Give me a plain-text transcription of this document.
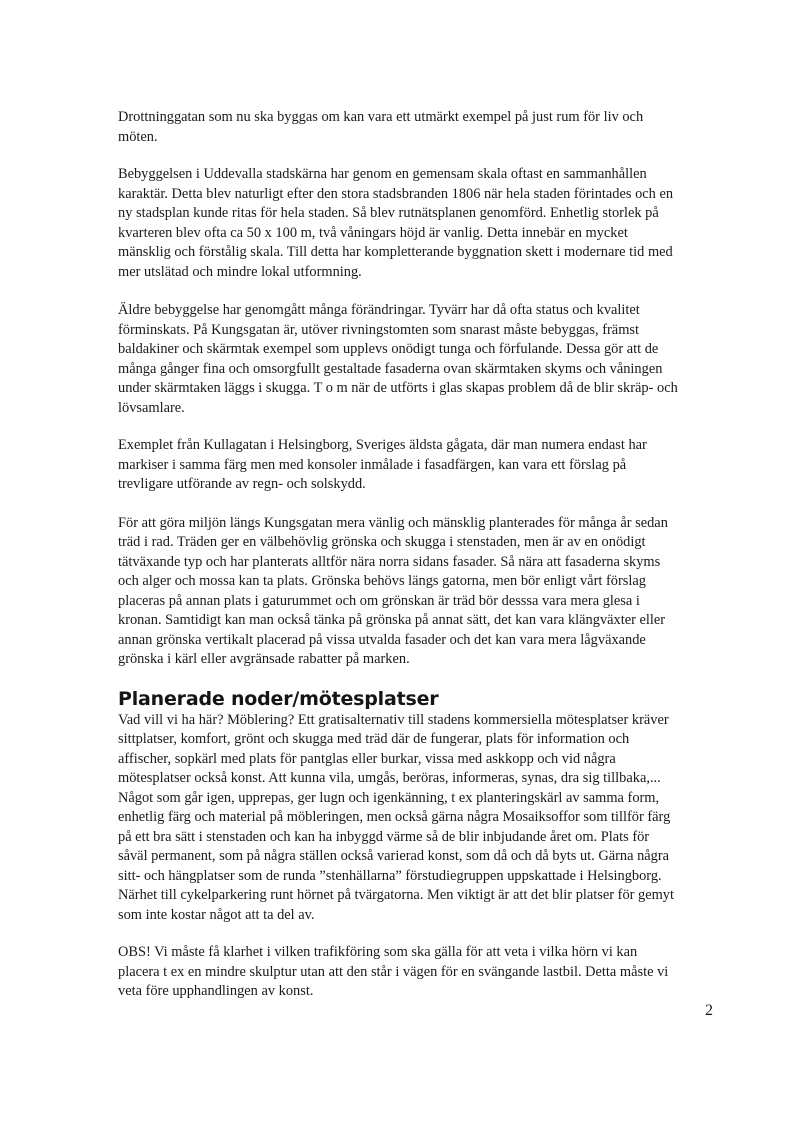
Drottninggatan som nu ska byggas om kan vara ett utmärkt exempel på just rum för liv och möten.

Bebyggelsen i Uddevalla stadskärna har genom en gemensam skala oftast en sammanhållen karaktär. Detta blev naturligt efter den stora stadsbranden 1806 när hela staden förintades och en ny stadsplan kunde ritas för hela staden. Så blev rutnätsplanen genomförd. Enhetlig storlek på kvarteren blev ofta ca 50 x 100 m, två våningars höjd är vanlig. Detta innebär en mycket mänsklig och förstålig skala. Till detta har kompletterande byggnation skett i modernare tid med mer utslätad och mindre lokal utformning.

Äldre bebyggelse har genomgått många förändringar. Tyvärr har då ofta status och kvalitet förminskats. På Kungsgatan är, utöver rivningstomten som snarast måste bebyggas, främst baldakiner och skärmtak exempel som upplevs onödigt tunga och förfulande. Dessa gör att de många gånger fina och omsorgfullt gestaltade fasaderna ovan skärmtaken skyms och våningen under skärmtaken läggs i skugga. T o m när de utförts i glas skapas problem då de blir skräp- och lövsamlare.

Exemplet från Kullagatan i Helsingborg, Sveriges äldsta gågata, där man numera endast har markiser i samma färg men med konsoler inmålade i fasadfärgen, kan vara ett förslag på trevligare utförande av regn- och solskydd.

För att göra miljön längs Kungsgatan mera vänlig och mänsklig planterades för många år sedan träd i rad. Träden ger en välbehövlig grönska och skugga i stenstaden, men är av en onödigt tätväxande typ och har planterats alltför nära norra sidans fasader. Så nära att fasaderna skyms och alger och mossa kan ta plats. Grönska behövs längs gatorna, men bör enligt vårt förslag placeras på annan plats i gaturummet och om grönskan är träd bör desssa vara mera glesa i kronan. Samtidigt kan man också tänka på grönska på annat sätt, det kan vara klängväxter eller annan grönska vertikalt placerad på vissa utvalda fasader och det kan vara mera lågväxande grönska i kärl eller avgränsade rabatter på marken.

Planerade noder/mötesplatser

Vad vill vi ha här? Möblering? Ett gratisalternativ till stadens kommersiella mötesplatser kräver sittplatser, komfort, grönt och skugga med träd där de fungerar, plats för information och affischer, sopkärl med plats för pantglas eller burkar, vissa med askkopp och vid några mötesplatser också konst. Att kunna vila, umgås, beröras, informeras, synas, dra sig tillbaka,... Något som går igen, upprepas, ger lugn och igenkänning, t ex planteringskärl av samma form, enhetlig färg och material på möbleringen, men också gärna några Mosaiksoffor som tillför färg på ett bra sätt i stenstaden och kan ha inbyggd värme så de blir inbjudande året om. Plats för såväl permanent, som på några ställen också varierad konst, som då och då byts ut. Gärna några sitt- och hängplatser som de runda ”stenhällarna” förstudiegruppen uppskattade i Helsingborg. Närhet till cykelparkering runt hörnet på tvärgatorna. Men viktigt är att det blir platser för gemyt som inte kostar något att ta del av.

OBS! Vi måste få klarhet i vilken trafikföring som ska gälla för att veta i vilka hörn vi kan placera t ex en mindre skulptur utan att den står i vägen för en svängande lastbil. Detta måste vi veta före upphandlingen av konst.

2
